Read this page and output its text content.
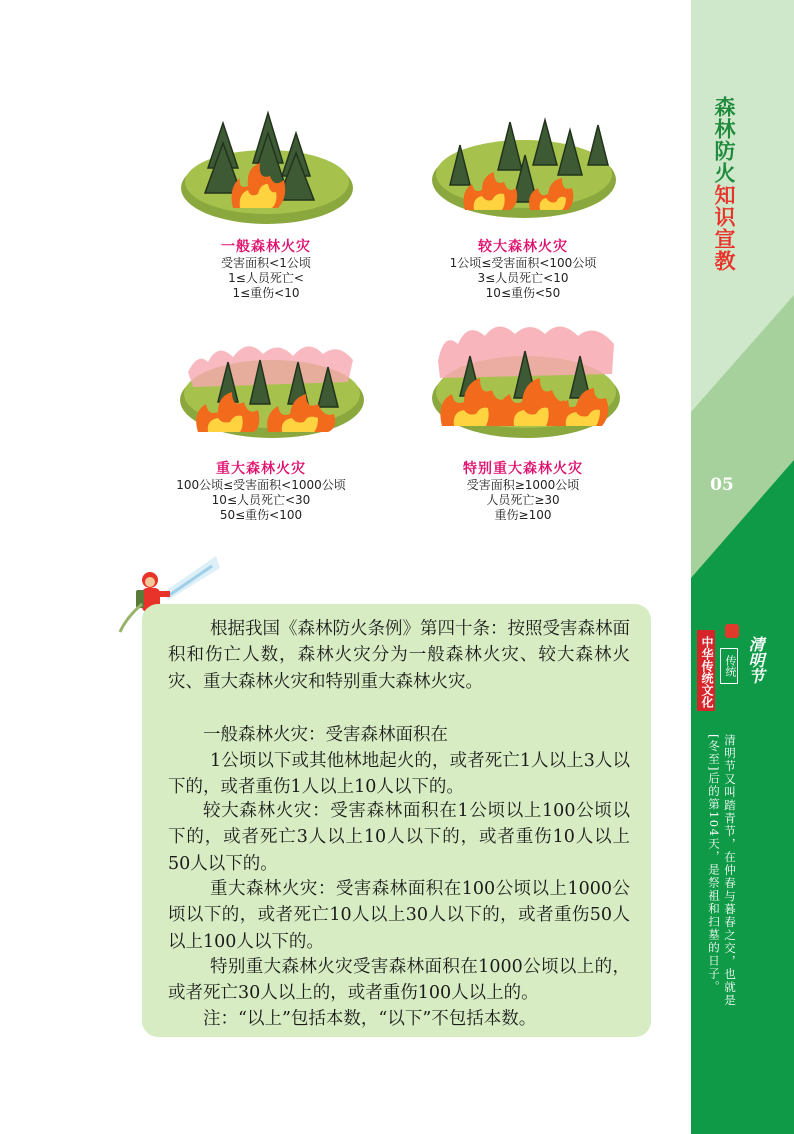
森林防火知识宣教
05
中华传统文化 传统 清明节
清明节又叫踏青节，在仲春与暮春之交，也就是
[冬至]后的第104天，是祭祖和扫墓的日子。
一般森林火灾
受害面积<1公顷
1≤人员死亡<
1≤重伤<10
较大森林火灾
1公顷≤受害面积<100公顷
3≤人员死亡<10
10≤重伤<50
重大森林火灾
100公顷≤受害面积<1000公顷
10≤人员死亡<30
50≤重伤<100
特别重大森林火灾
受害面积≥1000公顷
人员死亡≥30
重伤≥100
根据我国《森林防火条例》第四十条：按照受害森林面积和伤亡人数，森林火灾分为一般森林火灾、较大森林火灾、重大森林火灾和特别重大森林火灾。
一般森林火灾：受害森林面积在
1公顷以下或其他林地起火的，或者死亡1人以上3人以下的，或者重伤1人以上10人以下的。
较大森林火灾：受害森林面积在1公顷以上100公顷以下的，或者死亡3人以上10人以下的，或者重伤10人以上50人以下的。
重大森林火灾：受害森林面积在100公顷以上1000公顷以下的，或者死亡10人以上30人以下的，或者重伤50人以上100人以下的。
特别重大森林火灾受害森林面积在1000公顷以上的，或者死亡30人以上的，或者重伤100人以上的。
注：“以上”包括本数，“以下”不包括本数。
